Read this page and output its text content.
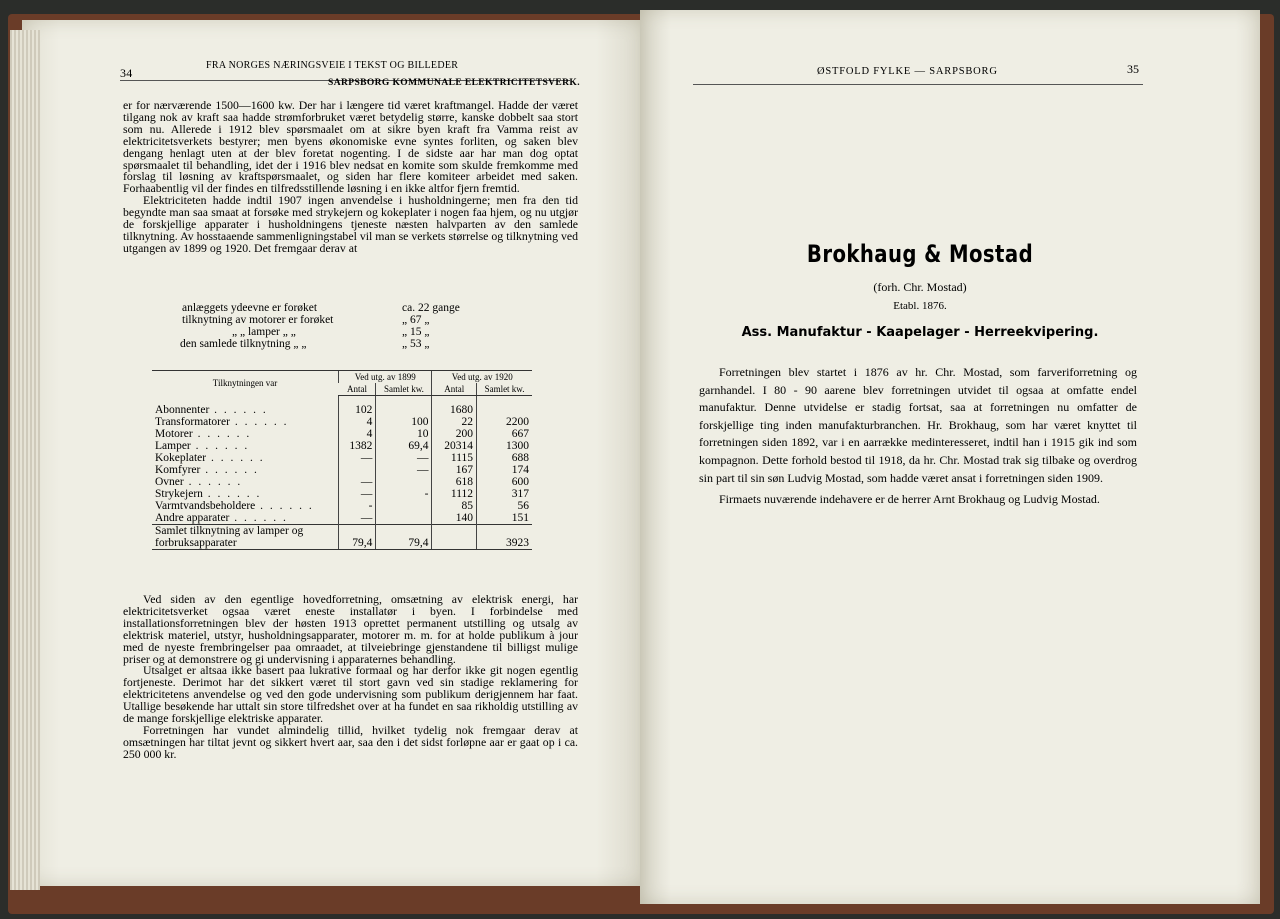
34
FRA NORGES NÆRINGSVEIE I TEKST OG BILLEDER
SARPSBORG KOMMUNALE ELEKTRICITETSVERK.

er for nærværende 1500—1600 kw. Der har i længere tid været kraftmangel. Hadde der været tilgang nok av kraft saa hadde strømforbruket været betydelig større, kanske dobbelt saa stort som nu. Allerede i 1912 blev spørsmaalet om at sikre byen kraft fra Vamma reist av elektricitetsverkets bestyrer; men byens økonomiske evne syntes forliten, og saken blev dengang henlagt uten at der blev foretat nogenting. I de sidste aar har man dog optat spørsmaalet til behandling, idet der i 1916 blev nedsat en komite som skulde fremkomme med forslag til løsning av kraftspørsmaalet, og siden har flere komiteer arbeidet med saken. Forhaabentlig vil der findes en tilfredsstillende løsning i en ikke altfor fjern fremtid.

Elektriciteten hadde indtil 1907 ingen anvendelse i husholdningerne; men fra den tid begyndte man saa smaat at forsøke med strykejern og kokeplater i nogen faa hjem, og nu utgjør de forskjellige apparater i husholdningens tjeneste næsten halvparten av den samlede tilknytning. Av hosstaaende sammenligningstabel vil man se verkets størrelse og tilknytning ved utgangen av 1899 og 1920. Det fremgaar derav at

anlæggets ydeevne er forøket	ca. 22 gange
tilknytning av motorer er forøket	„ 67 „
„ „ lamper „ „	„ 15 „
den samlede tilknytning „ „	„ 53 „
Tilknytningen var	Ved utg. av 1899		Ved utg. av 1920	
	Antal	Samlet kw.	Antal	Samlet kw.
Abonnenter . . . . . .	102		1680	
Transformatorer . . . . . .	4	100	22	2200
Motorer . . . . . .	4	10	200	667
Lamper . . . . . .	1382	69,4	20314	1300
Kokeplater . . . . . .	—	—	1115	688
Komfyrer . . . . . .		—	167	174
Ovner . . . . . .	—		618	600
Strykejern . . . . . .	—	-	1112	317
Varmtvandsbeholdere . . . . . .	-		85	56
Andre apparater . . . . . .	—		140	151
Samlet tilknytning av lamper og forbruksapparater	79,4	79,4		3923

Ved siden av den egentlige hovedforretning, omsætning av elektrisk energi, har elektricitetsverket ogsaa været eneste installatør i byen. I forbindelse med installationsforretningen blev der høsten 1913 oprettet permanent utstilling og utsalg av elektrisk materiel, utstyr, husholdningsapparater, motorer m. m. for at holde publikum à jour med de nyeste frembringelser paa omraadet, at tilveiebringe gjenstandene til billigst mulige priser og at demonstrere og gi undervisning i apparaternes behandling.

Utsalget er altsaa ikke basert paa lukrative formaal og har derfor ikke git nogen egentlig fortjeneste. Derimot har det sikkert været til stort gavn ved sin stadige reklamering for elektricitetens anvendelse og ved den gode undervisning som publikum derigjennem har faat. Utallige besøkende har uttalt sin store tilfredshet over at ha fundet en saa rikholdig utstilling av de mange forskjellige elektriske apparater.

Forretningen har vundet almindelig tillid, hvilket tydelig nok fremgaar derav at omsætningen har tiltat jevnt og sikkert hvert aar, saa den i det sidst forløpne aar er gaat op i ca. 250 000 kr.

ØSTFOLD FYLKE — SARPSBORG	35
Brokhaug & Mostad
(forh. Chr. Mostad)
Etabl. 1876.
Ass. Manufaktur - Kaapelager - Herreekvipering.

Forretningen blev startet i 1876 av hr. Chr. Mostad, som farveriforretning og garnhandel. I 80 - 90 aarene blev forretningen utvidet til ogsaa at omfatte endel manufaktur. Denne utvidelse er stadig fortsat, saa at forretningen nu omfatter de forskjellige ting inden manufakturbranchen. Hr. Brokhaug, som har været knyttet til forretningen siden 1892, var i en aarrække medinteresseret, indtil han i 1915 gik ind som kompagnon. Dette forhold bestod til 1918, da hr. Chr. Mostad trak sig tilbake og overdrog sin part til sin søn Ludvig Mostad, som hadde været ansat i forretningen siden 1909.

Firmaets nuværende indehavere er de herrer Arnt Brokhaug og Ludvig Mostad.
